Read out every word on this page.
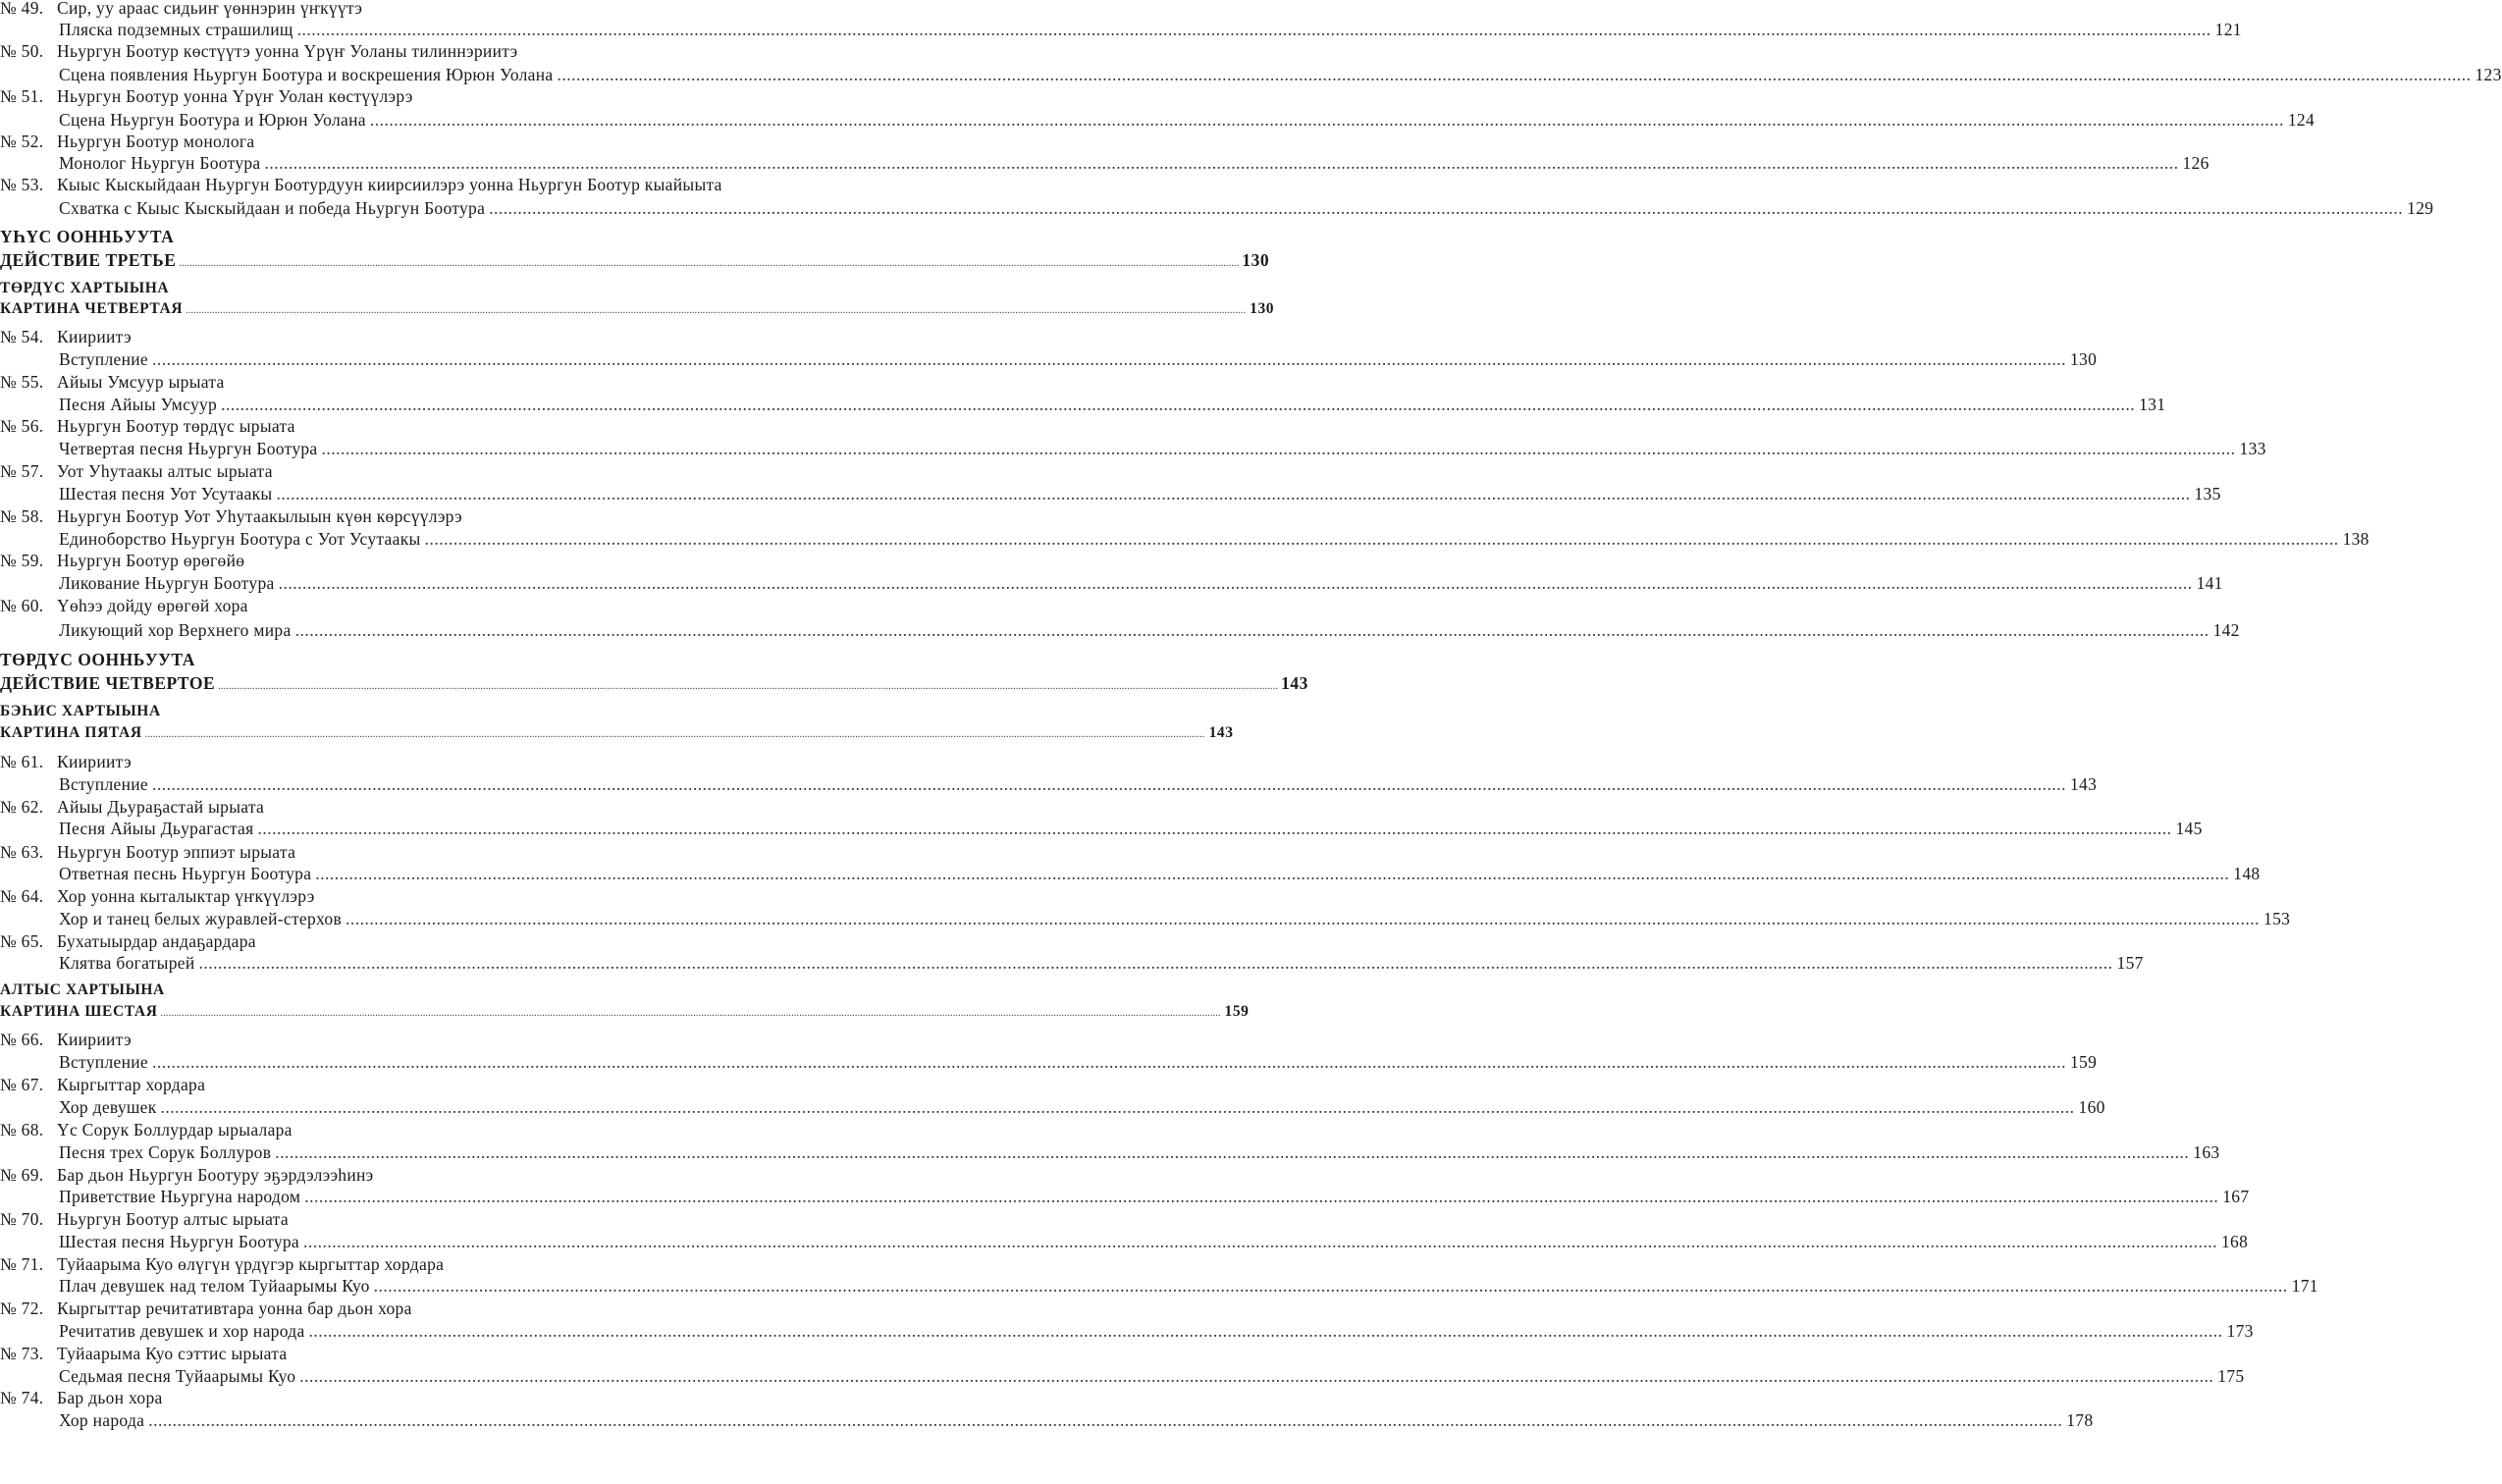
№ 49. Сир, уу араас сидьиҥ үөннэрин үҥкүүтэ
Пляска подземных страшилищ ................................................................................................................................................................................................................................................................................................................................................................................................................ 121
№ 50. Ньургун Боотур көстүүтэ уонна Үрүҥ Уоланы тилиннэриитэ
Сцена появления Ньургун Боотура и воскрешения Юрюн Уолана ................................................................................................................................................................................................................................................................................................................................................................................................................ 123
№ 51. Ньургун Боотур уонна Үрүҥ Уолан көстүүлэрэ
Сцена Ньургун Боотура и Юрюн Уолана ................................................................................................................................................................................................................................................................................................................................................................................................................ 124
№ 52. Ньургун Боотур монолога
Монолог Ньургун Боотура ................................................................................................................................................................................................................................................................................................................................................................................................................ 126
№ 53. Кыыс Кыскыйдаан Ньургун Боотурдуун киирсиилэрэ уонна Ньургун Боотур кыайыыта
Схватка с Кыыс Кыскыйдаан и победа Ньургун Боотура ................................................................................................................................................................................................................................................................................................................................................................................................................ 129
ҮҺҮС ООННЬУУТА
ДЕЙСТВИЕ ТРЕТЬЕ ................................................................................................................................................................................................................................................................................................................................................................................................................ 130
ТӨРДҮС ХАРТЫЫНА
КАРТИНА ЧЕТВЕРТАЯ ................................................................................................................................................................................................................................................................................................................................................................................................................ 130
№ 54. Киириитэ
Вступление ................................................................................................................................................................................................................................................................................................................................................................................................................ 130
№ 55. Айыы Умсуур ырыата
Песня Айыы Умсуур ................................................................................................................................................................................................................................................................................................................................................................................................................ 131
№ 56. Ньургун Боотур төрдүс ырыата
Четвертая песня Ньургун Боотура ................................................................................................................................................................................................................................................................................................................................................................................................................ 133
№ 57. Уот Уһутаакы алтыс ырыата
Шестая песня Уот Усутаакы ................................................................................................................................................................................................................................................................................................................................................................................................................ 135
№ 58. Ньургун Боотур Уот Уһутаакылыын күөн көрсүүлэрэ
Единоборство Ньургун Боотура с Уот Усутаакы ................................................................................................................................................................................................................................................................................................................................................................................................................ 138
№ 59. Ньургун Боотур өрөгөйө
Ликование Ньургун Боотура ................................................................................................................................................................................................................................................................................................................................................................................................................ 141
№ 60. Үөһээ дойду өрөгөй хора
Ликующий хор Верхнего мира ................................................................................................................................................................................................................................................................................................................................................................................................................ 142
ТӨРДҮС ООННЬУУТА
ДЕЙСТВИЕ ЧЕТВЕРТОЕ ................................................................................................................................................................................................................................................................................................................................................................................................................ 143
БЭҺИС ХАРТЫЫНА
КАРТИНА ПЯТАЯ ................................................................................................................................................................................................................................................................................................................................................................................................................ 143
№ 61. Киириитэ
Вступление ................................................................................................................................................................................................................................................................................................................................................................................................................ 143
№ 62. Айыы Дьураҕастай ырыата
Песня Айыы Дьурагастая ................................................................................................................................................................................................................................................................................................................................................................................................................ 145
№ 63. Ньургун Боотур эппиэт ырыата
Ответная песнь Ньургун Боотура ................................................................................................................................................................................................................................................................................................................................................................................................................ 148
№ 64. Хор уонна кыталыктар үҥкүүлэрэ
Хор и танец белых журавлей-стерхов ................................................................................................................................................................................................................................................................................................................................................................................................................ 153
№ 65. Бухатыырдар андаҕардара
Клятва богатырей ................................................................................................................................................................................................................................................................................................................................................................................................................ 157
АЛТЫС ХАРТЫЫНА
КАРТИНА ШЕСТАЯ ................................................................................................................................................................................................................................................................................................................................................................................................................ 159
№ 66. Киириитэ
Вступление ................................................................................................................................................................................................................................................................................................................................................................................................................ 159
№ 67. Кыргыттар хордара
Хор девушек ................................................................................................................................................................................................................................................................................................................................................................................................................ 160
№ 68. Үс Сорук Боллурдар ырыалара
Песня трех Сорук Боллуров ................................................................................................................................................................................................................................................................................................................................................................................................................ 163
№ 69. Бар дьон Ньургун Боотуру эҕэрдэлээһинэ
Приветствие Ньургуна народом ................................................................................................................................................................................................................................................................................................................................................................................................................ 167
№ 70. Ньургун Боотур алтыс ырыата
Шестая песня Ньургун Боотура ................................................................................................................................................................................................................................................................................................................................................................................................................ 168
№ 71. Туйаарыма Куо өлүгүн үрдүгэр кыргыттар хордара
Плач девушек над телом Туйаарымы Куо ................................................................................................................................................................................................................................................................................................................................................................................................................ 171
№ 72. Кыргыттар речитативтара уонна бар дьон хора
Речитатив девушек и хор народа ................................................................................................................................................................................................................................................................................................................................................................................................................ 173
№ 73. Туйаарыма Куо сэттис ырыата
Седьмая песня Туйаарымы Куо ................................................................................................................................................................................................................................................................................................................................................................................................................ 175
№ 74. Бар дьон хора
Хор народа ................................................................................................................................................................................................................................................................................................................................................................................................................ 178
